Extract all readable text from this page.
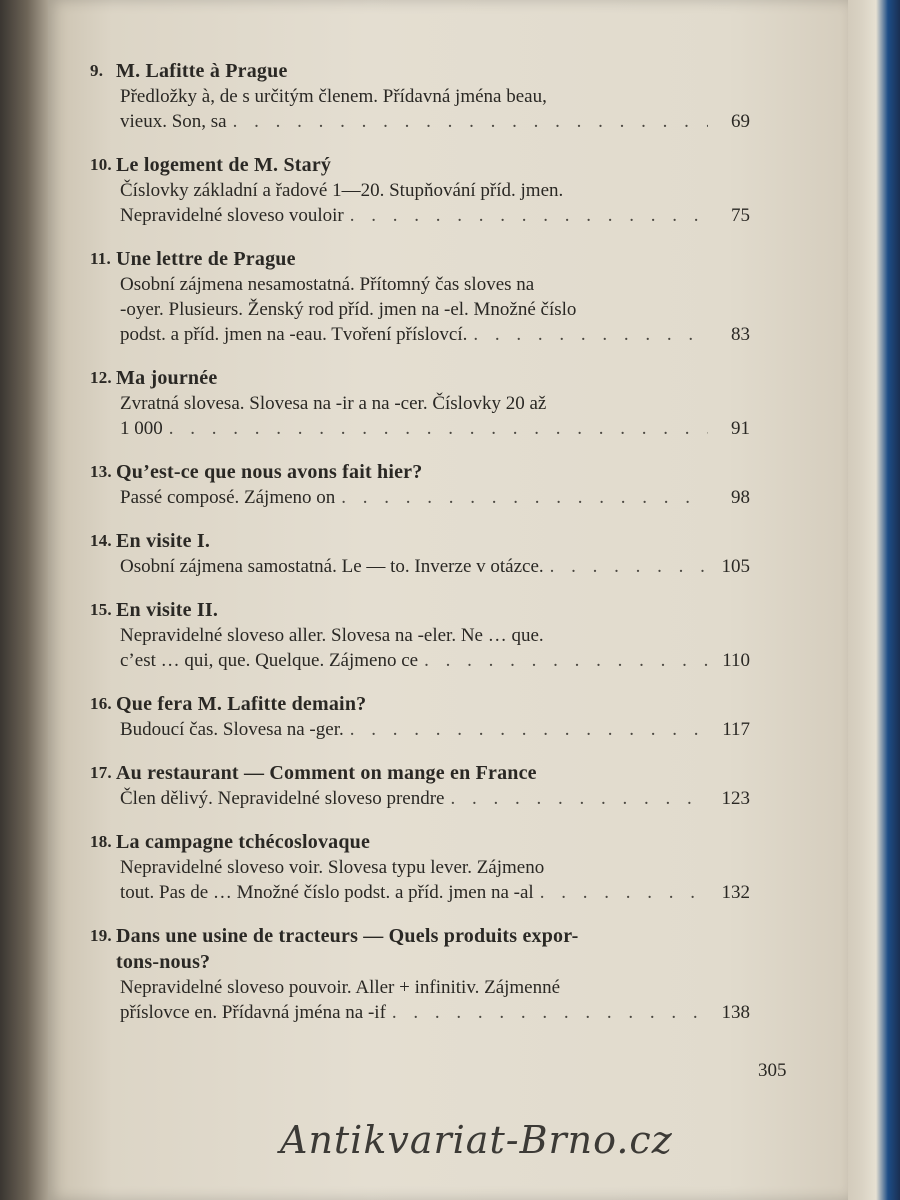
9. M. Lafitte à Prague
Předložky à, de s určitým členem. Přídavná jména beau,
vieux. Son, sa . . .	69
10. Le logement de M. Starý
Číslovky základní a řadové 1—20. Stupňování příd. jmen.
Nepravidelné sloveso vouloir . . .	75
11. Une lettre de Prague
Osobní zájmena nesamostatná. Přítomný čas sloves na
-oyer. Plusieurs. Ženský rod příd. jmen na -el. Množné číslo
podst. a příd. jmen na -eau. Tvoření příslovcí. . . .	83
12. Ma journée
Zvratná slovesa. Slovesa na -ir a na -cer. Číslovky 20 až
1 000 . . .	91
13. Qu’est-ce que nous avons fait hier?
Passé composé. Zájmeno on . . .	98
14. En visite I.
Osobní zájmena samostatná. Le — to. Inverze v otázce. . . .	105
15. En visite II.
Nepravidelné sloveso aller. Slovesa na -eler. Ne … que.
c’est … qui, que. Quelque. Zájmeno ce . . .	110
16. Que fera M. Lafitte demain?
Budoucí čas. Slovesa na -ger. . . .	117
17. Au restaurant — Comment on mange en France
Člen dělivý. Nepravidelné sloveso prendre . . .	123
18. La campagne tchécoslovaque
Nepravidelné sloveso voir. Slovesa typu lever. Zájmeno
tout. Pas de … Množné číslo podst. a příd. jmen na -al . . .	132
19. Dans une usine de tracteurs — Quels produits expor-
tons-nous?
Nepravidelné sloveso pouvoir. Aller + infinitiv. Zájmenné
příslovce en. Přídavná jména na -if . . .	138
305
Antikvariat-Brno.cz
